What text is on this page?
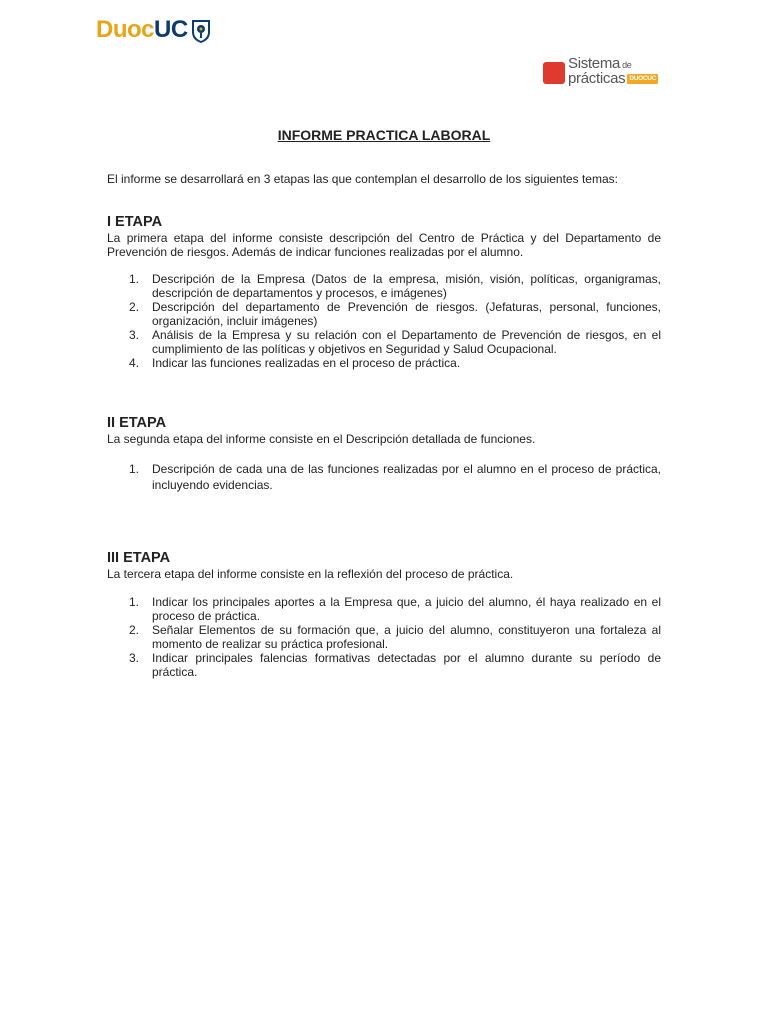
DuocUC
Sistema de
prácticas DUOCUC
INFORME PRACTICA LABORAL

El informe se desarrollará en 3 etapas las que contemplan el desarrollo de los siguientes temas:

I ETAPA

La primera etapa del informe consiste descripción del Centro de Práctica y del Departamento de Prevención de riesgos. Además de indicar funciones realizadas por el alumno.

1. Descripción de la Empresa (Datos de la empresa, misión, visión, políticas, organigramas, descripción de departamentos y procesos, e imágenes)
2. Descripción del departamento de Prevención de riesgos. (Jefaturas, personal, funciones, organización, incluir imágenes)
3. Análisis de la Empresa y su relación con el Departamento de Prevención de riesgos, en el cumplimiento de las políticas y objetivos en Seguridad y Salud Ocupacional.
4. Indicar las funciones realizadas en el proceso de práctica.
II ETAPA

La segunda etapa del informe consiste en el Descripción detallada de funciones.

1. Descripción de cada una de las funciones realizadas por el alumno en el proceso de práctica, incluyendo evidencias.
III ETAPA

La tercera etapa del informe consiste en la reflexión del proceso de práctica.

1. Indicar los principales aportes a la Empresa que, a juicio del alumno, él haya realizado en el proceso de práctica.
2. Señalar Elementos de su formación que, a juicio del alumno, constituyeron una fortaleza al momento de realizar su práctica profesional.
3. Indicar principales falencias formativas detectadas por el alumno durante su período de práctica.
